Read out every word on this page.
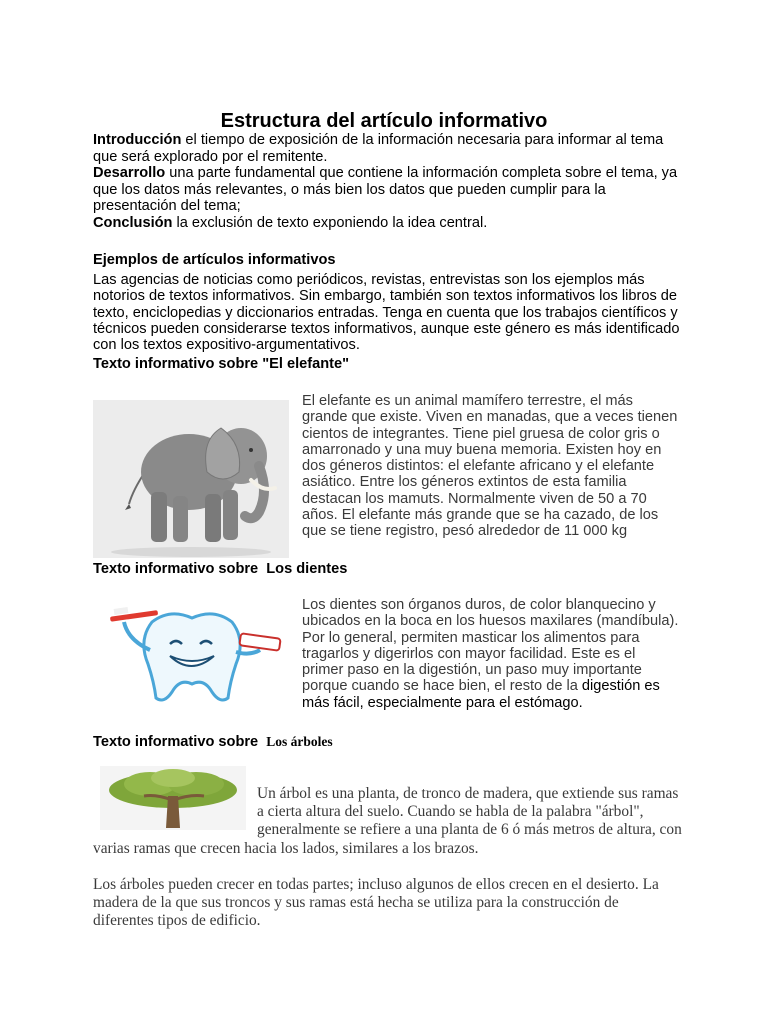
Estructura del artículo informativo
Introducción el tiempo de exposición de la información necesaria para informar al tema que será explorado por el remitente.
Desarrollo una parte fundamental que contiene la información completa sobre el tema, ya que los datos más relevantes, o más bien los datos que pueden cumplir para la presentación del tema;
Conclusión la exclusión de texto exponiendo la idea central.
Ejemplos de artículos informativos
Las agencias de noticias como periódicos, revistas, entrevistas son los ejemplos más notorios de textos informativos. Sin embargo, también son textos informativos los libros de texto, enciclopedias y diccionarios entradas. Tenga en cuenta que los trabajos científicos y técnicos pueden considerarse textos informativos, aunque este género es más identificado con los textos expositivo-argumentativos.
Texto informativo sobre "El elefante"
El elefante es un animal mamífero terrestre, el más grande que existe. Viven en manadas, que a veces tienen cientos de integrantes. Tiene piel gruesa de color gris o amarronado y una muy buena memoria. Existen hoy en dos géneros distintos: el elefante africano y el elefante asiático. Entre los géneros extintos de esta familia destacan los mamuts. Normalmente viven de 50 a 70 años. El elefante más grande que se ha cazado, de los que se tiene registro, pesó alrededor de 11 000 kg
Texto informativo sobre  Los dientes
Los dientes son órganos duros, de color blanquecino y ubicados en la boca en los huesos maxilares (mandíbula). Por lo general, permiten masticar los alimentos para tragarlos y digerirlos con mayor facilidad. Este es el primer paso en la digestión, un paso muy importante porque cuando se hace bien, el resto de la digestión es más fácil, especialmente para el estómago.
Texto informativo sobre  Los árboles
Un árbol es una planta, de tronco de madera, que extiende sus ramas a cierta altura del suelo. Cuando se habla de la palabra "árbol", generalmente se refiere a una planta de 6 ó más metros de altura, con varias ramas que crecen hacia los lados, similares a los brazos.
Los árboles pueden crecer en todas partes; incluso algunos de ellos crecen en el desierto. La madera de la que sus troncos y sus ramas está hecha se utiliza para la construcción de diferentes tipos de edificio.
